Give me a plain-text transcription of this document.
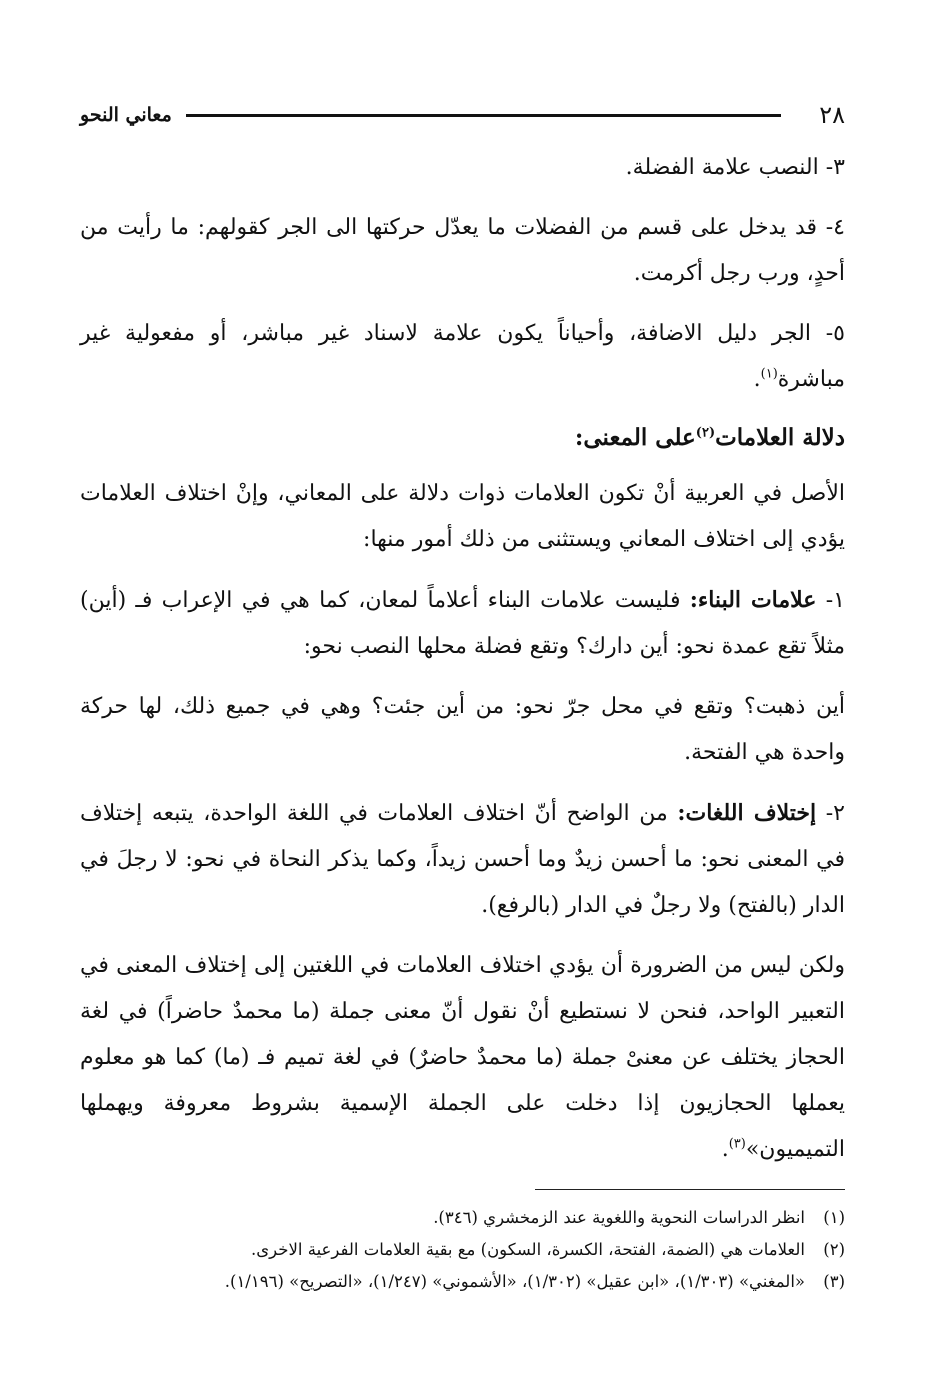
معاني النحو	٢٨

٣- النصب علامة الفضلة.

٤- قد يدخل على قسم من الفضلات ما يعدّل حركتها الى الجر كقولهم: ما رأيت من أحدٍ، ورب رجل أكرمت.

٥- الجر دليل الاضافة، وأحياناً يكون علامة لاسناد غير مباشر، أو مفعولية غير مباشرة$^{(١)}$.

دلالة العلامات$^{(٢)}$على المعنى:

الأصل في العربية أنْ تكون العلامات ذوات دلالة على المعاني، وإنْ اختلاف العلامات يؤدي إلى اختلاف المعاني ويستثنى من ذلك أمور منها:

١- علامات البناء: فليست علامات البناء أعلاماً لمعان، كما هي في الإعراب فـ (أين) مثلاً تقع عمدة نحو: أين دارك؟ وتقع فضلة محلها النصب نحو:

أين ذهبت؟ وتقع في محل جرّ نحو: من أين جئت؟ وهي في جميع ذلك، لها حركة واحدة هي الفتحة.

٢- إختلاف اللغات: من الواضح أنّ اختلاف العلامات في اللغة الواحدة، يتبعه إختلاف في المعنى نحو: ما أحسن زيدٌ وما أحسن زيداً، وكما يذكر النحاة في نحو: لا رجلَ في الدار (بالفتح) ولا رجلٌ في الدار (بالرفع).

ولكن ليس من الضرورة أن يؤدي اختلاف العلامات في اللغتين إلى إختلاف المعنى في التعبير الواحد، فنحن لا نستطيع أنْ نقول أنّ معنى جملة (ما محمدٌ حاضراً) في لغة الحجاز يختلف عن معنىْ جملة (ما محمدٌ حاضرٌ) في لغة تميم فـ (ما) كما هو معلوم يعملها الحجازيون إذا دخلت على الجملة الإسمية بشروط معروفة ويهملها التميميون»$^{(٣)}$.

(١)
انظر الدراسات النحوية واللغوية عند الزمخشري (٣٤٦).
(٢)
العلامات هي (الضمة، الفتحة، الكسرة، السكون) مع بقية العلامات الفرعية الاخرى.
(٣)
«المغني» (١/٣٠٣)، «ابن عقيل» (١/٣٠٢)، «الأشموني» (١/٢٤٧)، «التصريح» (١/١٩٦).
